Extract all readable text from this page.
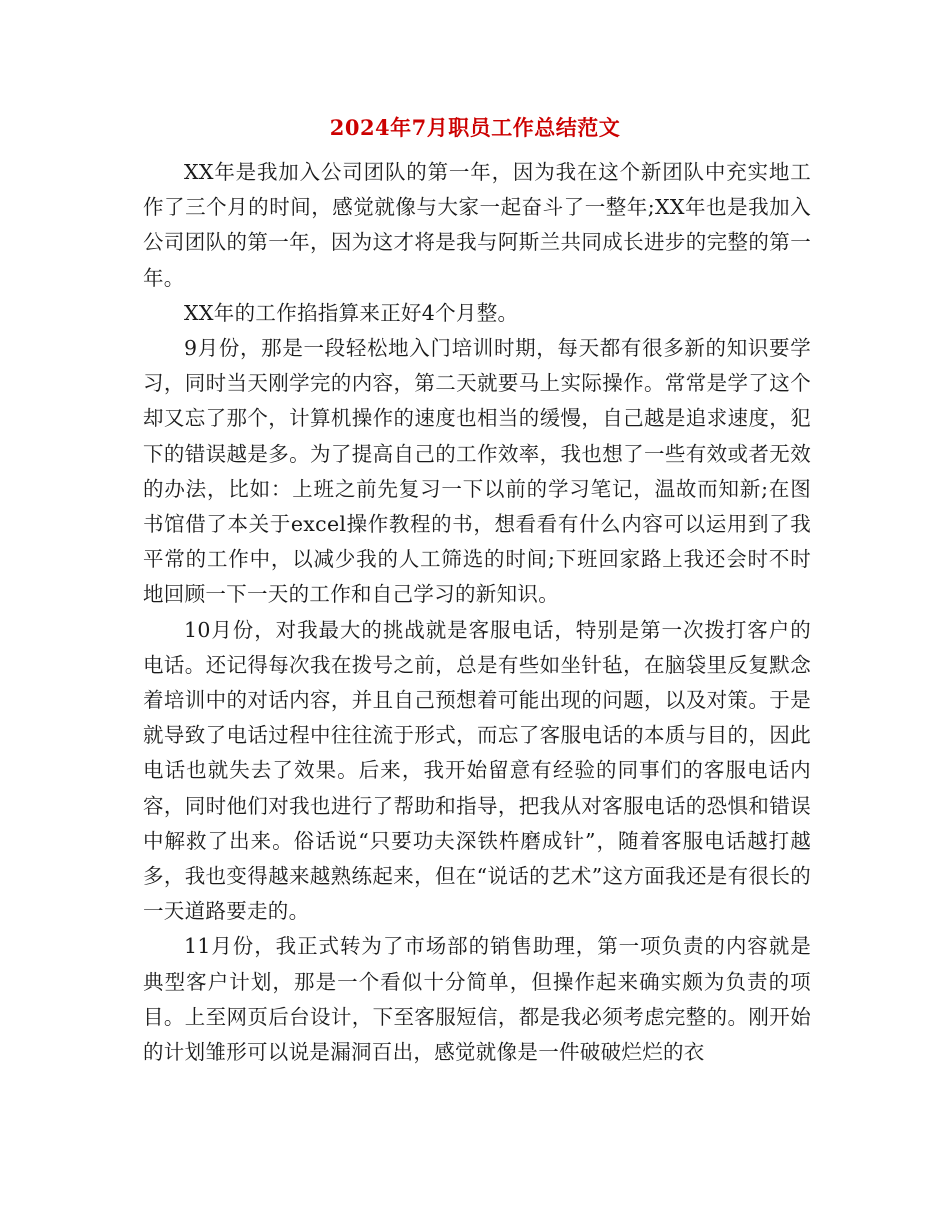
2024年7月职员工作总结范文

XX年是我加入公司团队的第一年，因为我在这个新团队中充实地工作了三个月的时间，感觉就像与大家一起奋斗了一整年;XX年也是我加入公司团队的第一年，因为这才将是我与阿斯兰共同成长进步的完整的第一年。

XX年的工作掐指算来正好4个月整。

9月份，那是一段轻松地入门培训时期，每天都有很多新的知识要学习，同时当天刚学完的内容，第二天就要马上实际操作。常常是学了这个却又忘了那个，计算机操作的速度也相当的缓慢，自己越是追求速度，犯下的错误越是多。为了提高自己的工作效率，我也想了一些有效或者无效的办法，比如：上班之前先复习一下以前的学习笔记，温故而知新;在图书馆借了本关于excel操作教程的书，想看看有什么内容可以运用到了我平常的工作中，以减少我的人工筛选的时间;下班回家路上我还会时不时地回顾一下一天的工作和自己学习的新知识。

10月份，对我最大的挑战就是客服电话，特别是第一次拨打客户的电话。还记得每次我在拨号之前，总是有些如坐针毡，在脑袋里反复默念着培训中的对话内容，并且自己预想着可能出现的问题，以及对策。于是就导致了电话过程中往往流于形式，而忘了客服电话的本质与目的，因此电话也就失去了效果。后来，我开始留意有经验的同事们的客服电话内容，同时他们对我也进行了帮助和指导，把我从对客服电话的恐惧和错误中解救了出来。俗话说“只要功夫深铁杵磨成针”，随着客服电话越打越多，我也变得越来越熟练起来，但在“说话的艺术”这方面我还是有很长的一天道路要走的。

11月份，我正式转为了市场部的销售助理，第一项负责的内容就是典型客户计划，那是一个看似十分简单，但操作起来确实颇为负责的项目。上至网页后台设计，下至客服短信，都是我必须考虑完整的。刚开始的计划雏形可以说是漏洞百出，感觉就像是一件破破烂烂的衣
